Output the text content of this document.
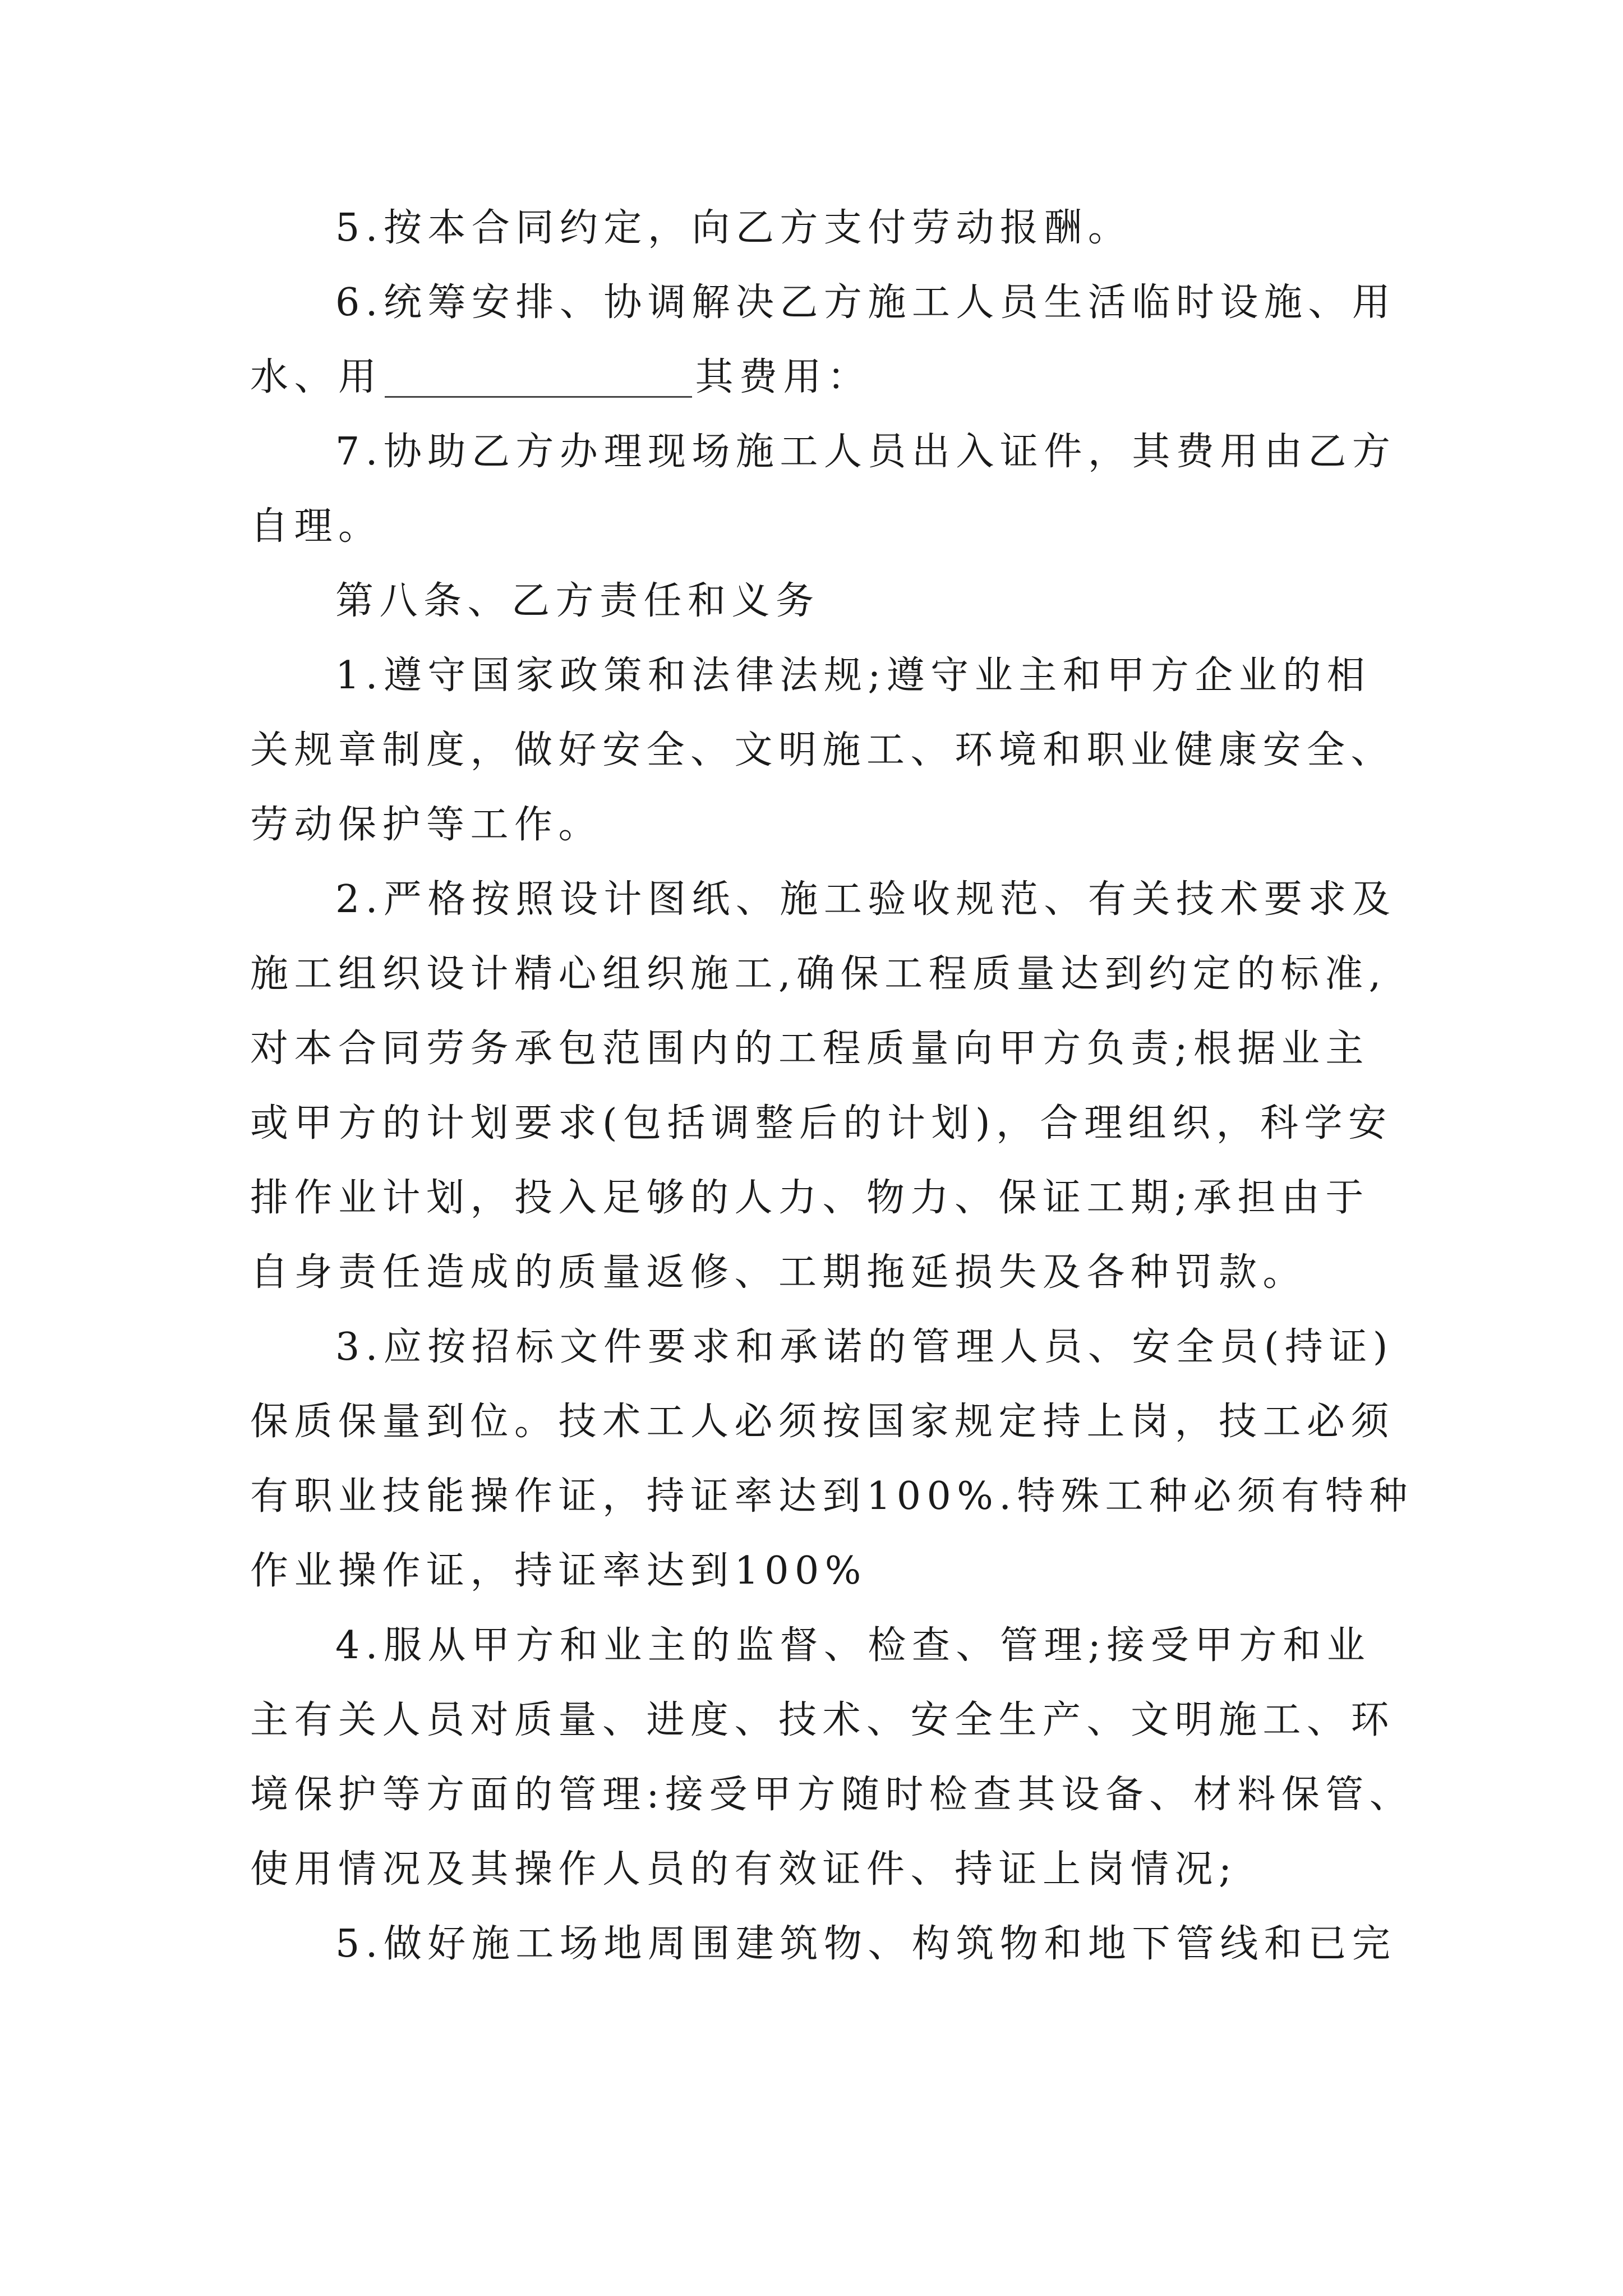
5.按本合同约定，向乙方支付劳动报酬。
6.统筹安排、协调解决乙方施工人员生活临时设施、用
水、用	其费用：
7.协助乙方办理现场施工人员出入证件，其费用由乙方
自理。
第八条、乙方责任和义务
1.遵守国家政策和法律法规;遵守业主和甲方企业的相
关规章制度，做好安全、文明施工、环境和职业健康安全、
劳动保护等工作。
2.严格按照设计图纸、施工验收规范、有关技术要求及
施工组织设计精心组织施工,确保工程质量达到约定的标准,
对本合同劳务承包范围内的工程质量向甲方负责;根据业主
或甲方的计划要求(包括调整后的计划)，合理组织，科学安
排作业计划，投入足够的人力、物力、保证工期;承担由于
自身责任造成的质量返修、工期拖延损失及各种罚款。
3.应按招标文件要求和承诺的管理人员、安全员(持证)
保质保量到位。技术工人必须按国家规定持上岗，技工必须
有职业技能操作证，持证率达到100%.特殊工种必须有特种
作业操作证，持证率达到100%
4.服从甲方和业主的监督、检查、管理;接受甲方和业
主有关人员对质量、进度、技术、安全生产、文明施工、环
境保护等方面的管理:接受甲方随时检查其设备、材料保管、
使用情况及其操作人员的有效证件、持证上岗情况;
5.做好施工场地周围建筑物、构筑物和地下管线和已完
